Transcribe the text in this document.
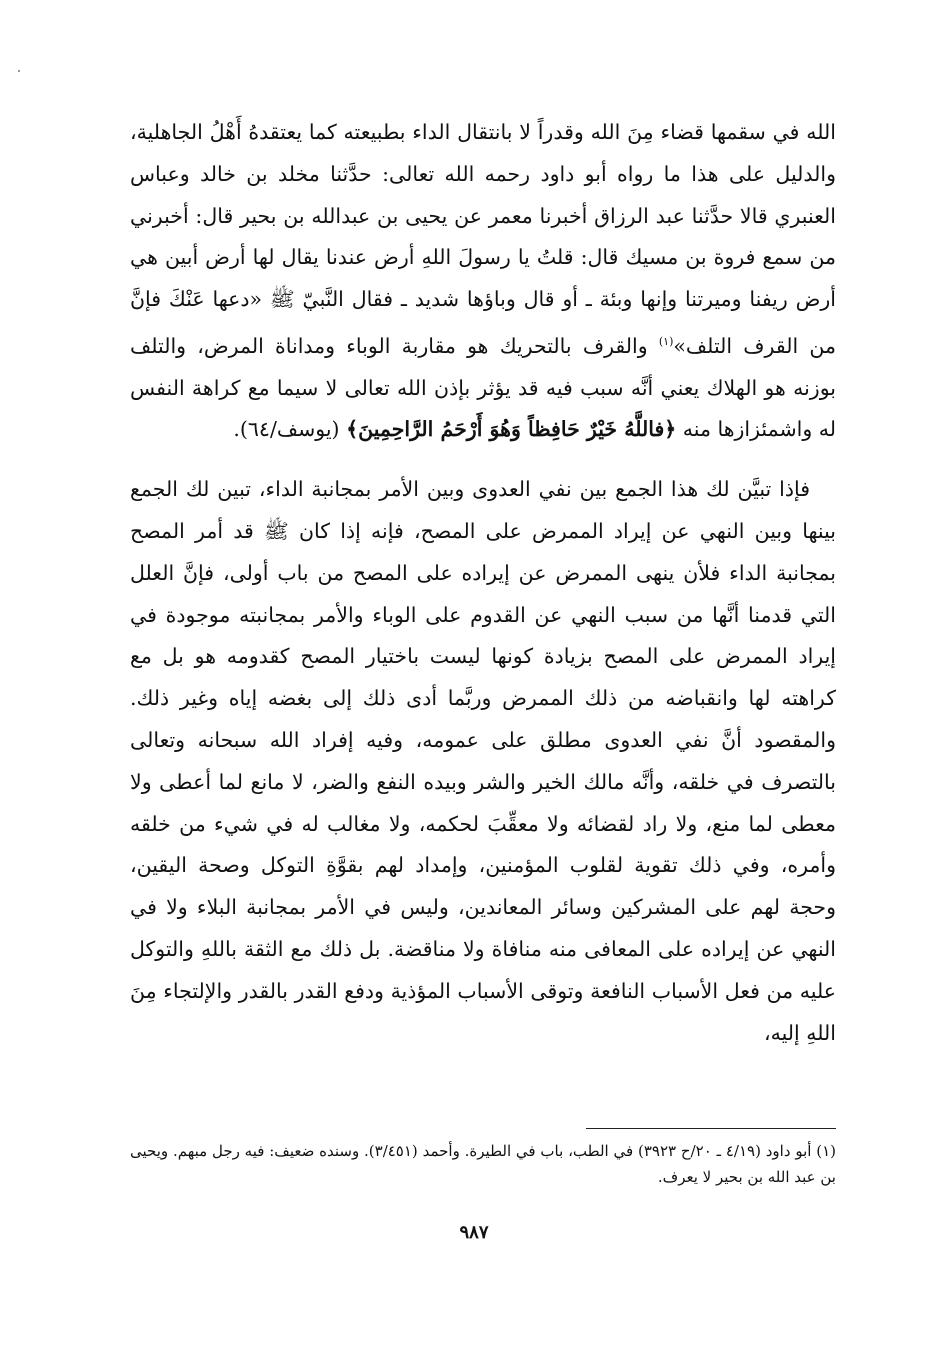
الله في سقمها قضاء مِنَ الله وقدراً لا بانتقال الداء بطبيعته كما يعتقدهُ أَهْلُ الجاهلية، والدليل على هذا ما رواه أبو داود رحمه الله تعالى: حدَّثنا مخلد بن خالد وعباس العنبري قالا حدَّثنا عبد الرزاق أخبرنا معمر عن يحيى بن عبدالله بن بحير قال: أخبرني من سمع فروة بن مسيك قال: قلتُ يا رسولَ اللهِ أرض عندنا يقال لها أرض أبين هي أرض ريفنا وميرتنا وإنها وبئة ـ أو قال وباؤها شديد ـ فقال النَّبيّ ﷺ «دعها عَنْكَ فإنَّ من القرف التلف»$^{(١)}$ والقرف بالتحريك هو مقاربة الوباء ومداناة المرض، والتلف بوزنه هو الهلاك يعني أنَّه سبب فيه قد يؤثر بإذن الله تعالى لا سيما مع كراهة النفس له واشمئزازها منه ﴿فاللَّهُ خَيْرٌ حَافِظاً وَهُوَ أَرْحَمُ الرَّاحِمِينَ﴾ (يوسف/٦٤).

فإذا تبيَّن لك هذا الجمع بين نفي العدوى وبين الأمر بمجانبة الداء، تبين لك الجمع بينها وبين النهي عن إيراد الممرض على المصح، فإنه إذا كان ﷺ قد أمر المصح بمجانبة الداء فلأن ينهى الممرض عن إيراده على المصح من باب أولى، فإنَّ العلل التي قدمنا أنَّها من سبب النهي عن القدوم على الوباء والأمر بمجانبته موجودة في إيراد الممرض على المصح بزيادة كونها ليست باختيار المصح كقدومه هو بل مع كراهته لها وانقباضه من ذلك الممرض وربَّما أدى ذلك إلى بغضه إياه وغير ذلك. والمقصود أنَّ نفي العدوى مطلق على عمومه، وفيه إفراد الله سبحانه وتعالى بالتصرف في خلقه، وأنَّه مالك الخير والشر وبيده النفع والضر، لا مانع لما أعطى ولا معطى لما منع، ولا راد لقضائه ولا معقِّبَ لحكمه، ولا مغالب له في شيء من خلقه وأمره، وفي ذلك تقوية لقلوب المؤمنين، وإمداد لهم بقوَّةِ التوكل وصحة اليقين، وحجة لهم على المشركين وسائر المعاندين، وليس في الأمر بمجانبة البلاء ولا في النهي عن إيراده على المعافى منه منافاة ولا مناقضة. بل ذلك مع الثقة باللهِ والتوكل عليه من فعل الأسباب النافعة وتوقى الأسباب المؤذية ودفع القدر بالقدر والإلتجاء مِنَ اللهِ إليه،

(١) أبو داود (٤/١٩ ـ ٢٠/ح ٣٩٢٣) في الطب، باب في الطيرة. وأحمد (٣/٤٥١). وسنده ضعيف: فيه رجل مبهم. ويحيى بن عبد الله بن بحير لا يعرف.
٩٨٧
